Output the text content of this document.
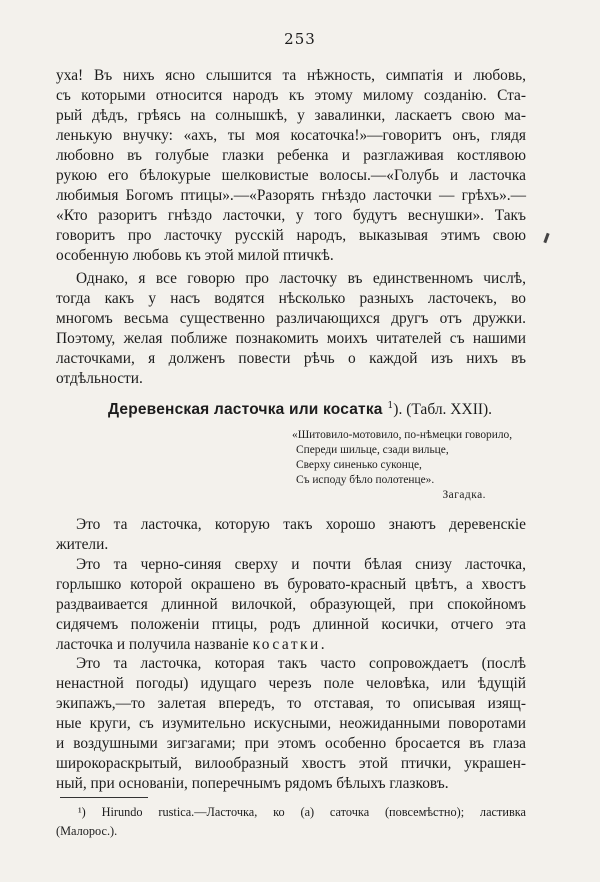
253
уха! Въ нихъ ясно слышится та нѣжность, симпатія и любовь,
съ которыми относится народъ къ этому милому созданію. Ста-
рый дѣдъ, грѣясь на солнышкѣ, у завалинки, ласкаетъ свою ма-
ленькую внучку: «ахъ, ты моя косаточка!»—говоритъ онъ, глядя
любовно въ голубые глазки ребенка и разглаживая костлявою
рукою его бѣлокурые шелковистые волосы.—«Голубь и ласточка
любимыя Богомъ птицы».—«Разорять гнѣздо ласточки — грѣхъ».—
«Кто разоритъ гнѣздо ласточки, у того будутъ веснушки». Такъ
говоритъ про ласточку русскій народъ, выказывая этимъ свою
особенную любовь къ этой милой птичкѣ.
Однако, я все говорю про ласточку въ единственномъ числѣ,
тогда какъ у насъ водятся нѣсколько разныхъ ласточекъ, во
многомъ весьма существенно различающихся другъ отъ дружки.
Поэтому, желая поближе познакомить моихъ читателей съ нашими
ласточками, я долженъ повести рѣчь о каждой изъ нихъ въ
отдѣльности.
Деревенская ласточка или косатка $^1$). (Табл. XXII).
«Шитовило-мотовило, по-нѣмецки говорило,
Спереди шильце, сзади вильце,
Сверху синенько суконце,
Съ исподу бѣло полотенце».
Загадка.
Это та ласточка, которую такъ хорошо знаютъ деревенскіе
жители.
Это та черно-синяя сверху и почти бѣлая снизу ласточка,
горлышко которой окрашено въ буровато-красный цвѣтъ, а хвостъ
раздваивается длинной вилочкой, образующей, при спокойномъ
сидячемъ положеніи птицы, родъ длинной косички, отчего эта
ласточка и получила названіе косатки.
Это та ласточка, которая такъ часто сопровождаетъ (послѣ
ненастной погоды) идущаго черезъ поле человѣка, или ѣдущій
экипажъ,—то залетая впередъ, то отставая, то описывая изящ-
ные круги, съ изумительно искусными, неожиданными поворотами
и воздушными зигзагами; при этомъ особенно бросается въ глаза
широкораскрытый, вилообразный хвостъ этой птички, украшен-
ный, при основаніи, поперечнымъ рядомъ бѣлыхъ глазковъ.
¹) Hirundo rustica.—Ласточка, ко (а) саточка (повсемѣстно); ластивка
(Малорос.).
